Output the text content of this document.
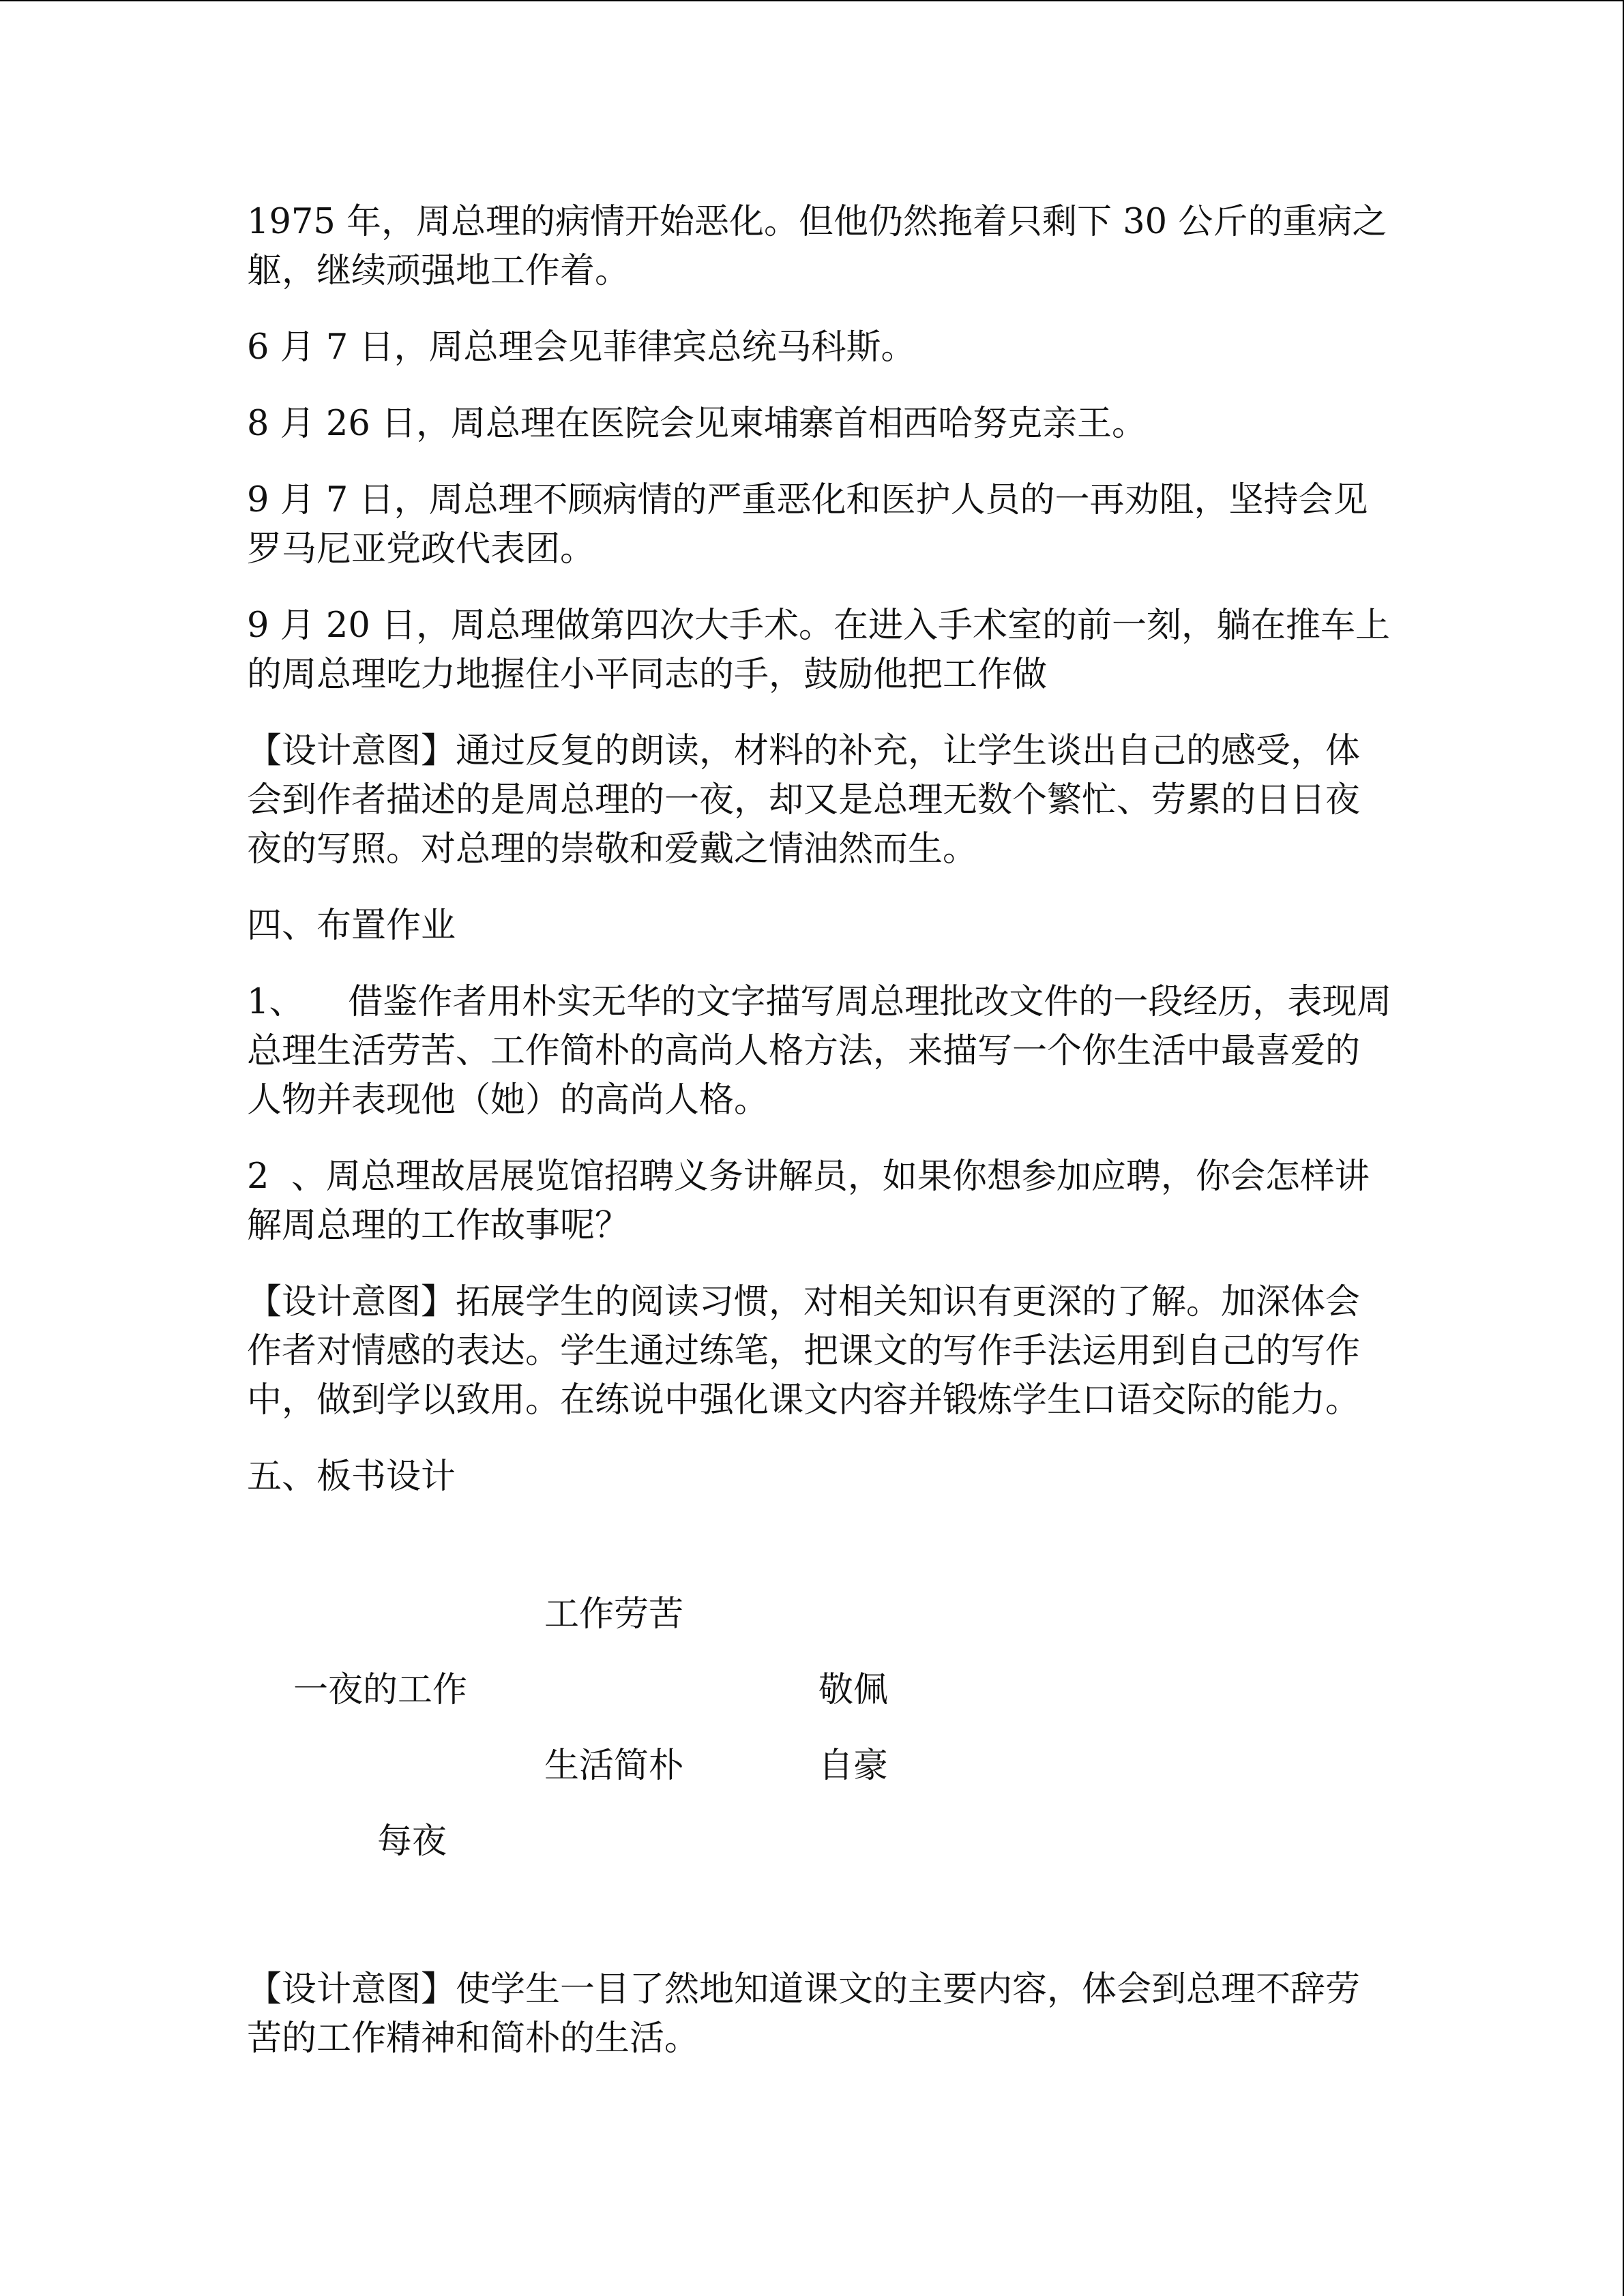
1975 年，周总理的病情开始恶化。但他仍然拖着只剩下 30 公斤的重病之躯，继续顽强地工作着。

6 月 7 日，周总理会见菲律宾总统马科斯。

8 月 26 日，周总理在医院会见柬埔寨首相西哈努克亲王。

9 月 7 日，周总理不顾病情的严重恶化和医护人员的一再劝阻，坚持会见罗马尼亚党政代表团。

9 月 20 日，周总理做第四次大手术。在进入手术室的前一刻，躺在推车上的周总理吃力地握住小平同志的手，鼓励他把工作做

【设计意图】通过反复的朗读，材料的补充，让学生谈出自己的感受，体会到作者描述的是周总理的一夜，却又是总理无数个繁忙、劳累的日日夜夜的写照。对总理的崇敬和爱戴之情油然而生。

四、布置作业

1、    借鉴作者用朴实无华的文字描写周总理批改文件的一段经历，表现周总理生活劳苦、工作简朴的高尚人格方法，来描写一个你生活中最喜爱的人物并表现他（她）的高尚人格。

2  、周总理故居展览馆招聘义务讲解员，如果你想参加应聘，你会怎样讲解周总理的工作故事呢？

【设计意图】拓展学生的阅读习惯，对相关知识有更深的了解。加深体会作者对情感的表达。学生通过练笔，把课文的写作手法运用到自己的写作中，做到学以致用。在练说中强化课文内容并锻炼学生口语交际的能力。

五、板书设计

工作劳苦
一夜的工作	敬佩
生活简朴	自豪
每夜

【设计意图】使学生一目了然地知道课文的主要内容，体会到总理不辞劳苦的工作精神和简朴的生活。
